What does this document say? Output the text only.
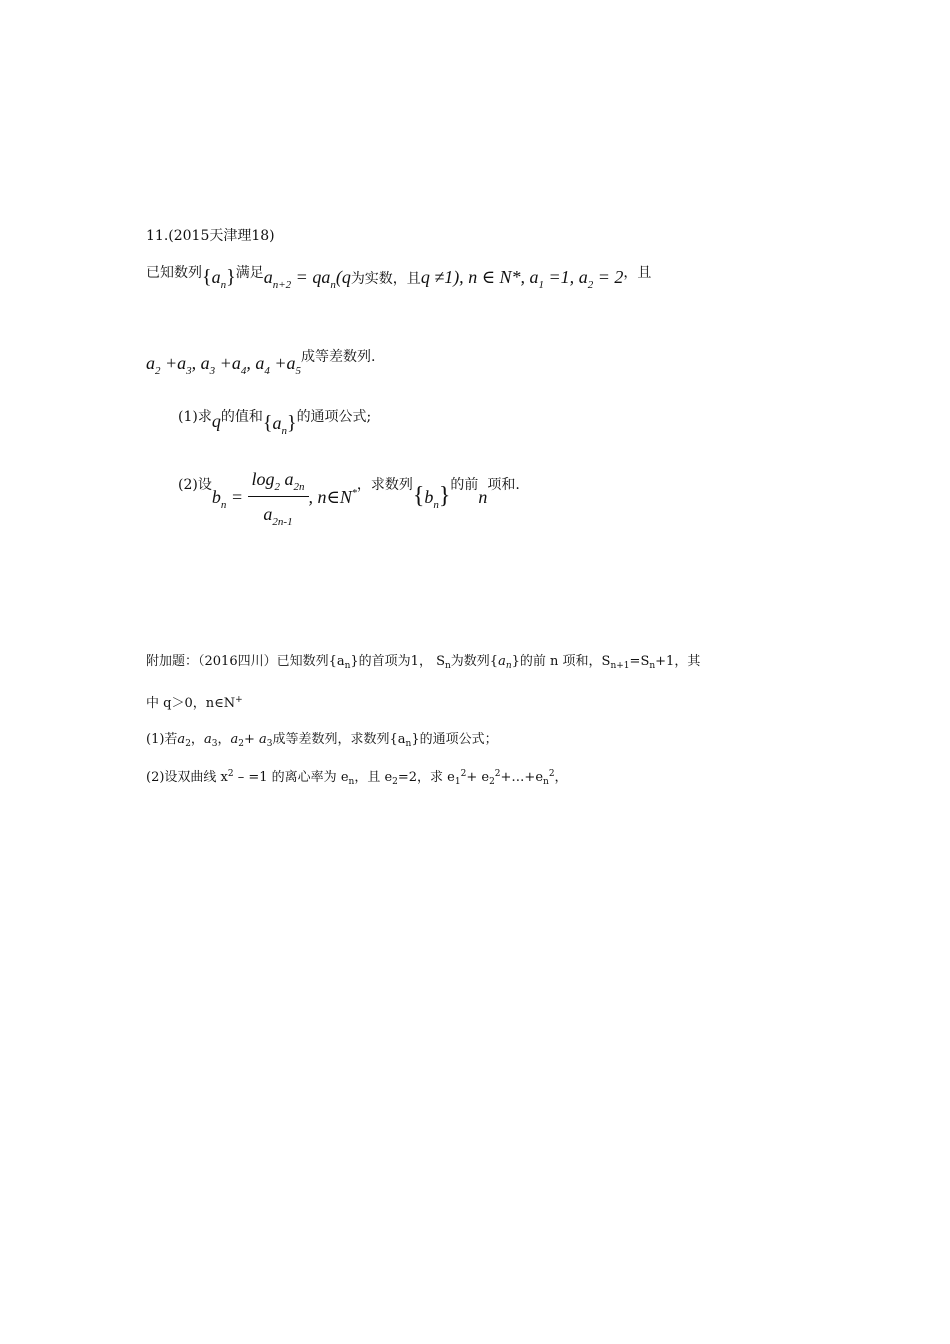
11.(2015天津理18)
已知数列$\{a_n\}$满足$a_{n+2} = qa_n(q$为实数，且q ≠1), n ∈ N*, $a_1 =1$, $a_2 = 2$，且
$a_2 +a_3$, $a_3 +a_4$, $a_4 +a_5$成等差数列.
(1)求q的值和$\{a_n\}$的通项公式;
(2)设$b_n = \frac{\log_2 a_{2n}}{a_{2n-1}}$ , n∈N*，求数列$\{b_n\}$的前n项和.
附加题：（2016四川）已知数列$\{a_n\}$的首项为1， $S_n$为数列$\{a_n\}$的前 n 项和，$S_{n+1}=S_n+1$，其
中 q＞0，n∈N+
(1)若$a_2$，$a_3$，$a_2+ a_3$成等差数列，求数列$\{a_n\}$的通项公式；
(2)设双曲线 $x^2 - =1$ 的离心率为 $e_n$，且 $e_2=2$，求 $e_1^2+$ $e_2^2+\dots+e_n^2$，
